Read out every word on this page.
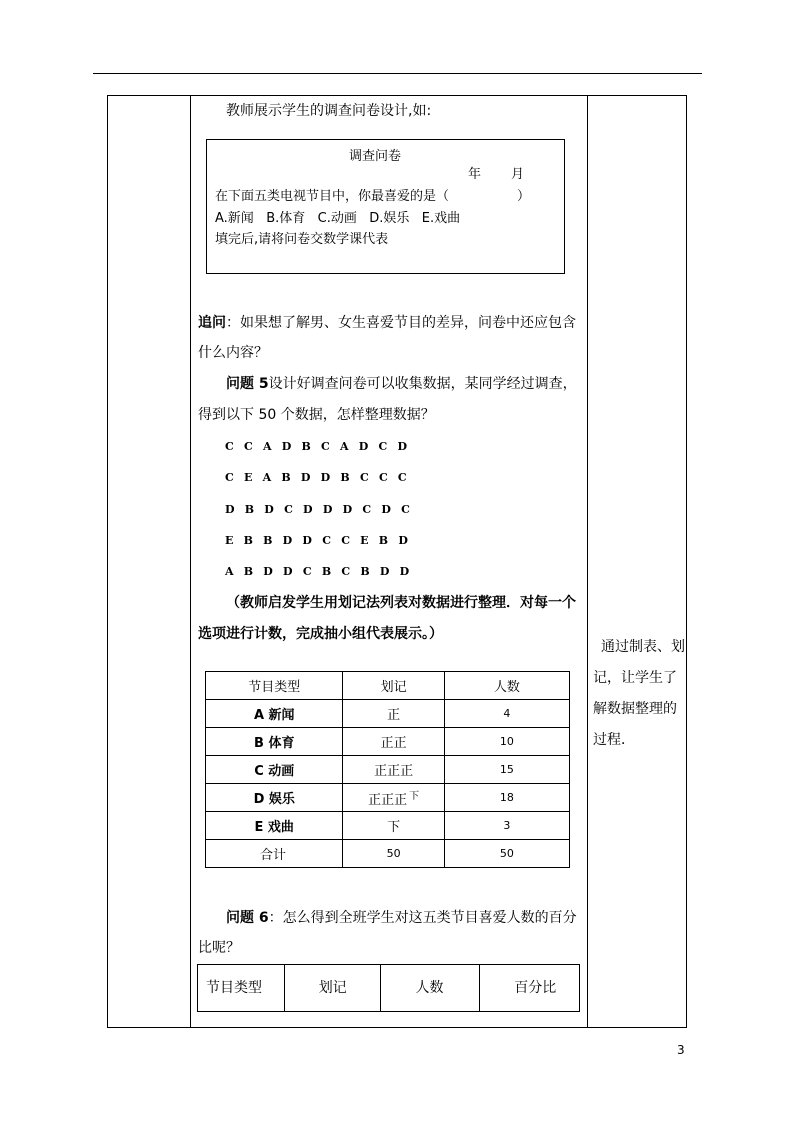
教师展示学生的调查问卷设计,如:
调查问卷
年 月
在下面五类电视节目中，你最喜爱的是（	）
A.新闻   B.体育   C.动画   D.娱乐   E.戏曲
填完后,请将问卷交数学课代表
追问：如果想了解男、女生喜爱节目的差异，问卷中还应包含
什么内容？
问题 5设计好调查问卷可以收集数据，某同学经过调查，
得到以下 50 个数据，怎样整理数据？
C C A D B C A D C D
C E A B D D B C C C
D B D C D D D C D C
E B B D D C C E B D
A B D D C B C B D D
（教师启发学生用划记法列表对数据进行整理．对每一个
选项进行计数，完成抽小组代表展示。）
节目类型	划记	人数
A 新闻	正	4
B 体育	正正	10
C 动画	正正正	15
D 娱乐	正正正 $^下$	18
E 戏曲	下	3
合计	50	50
问题 6：怎么得到全班学生对这五类节目喜爱人数的百分
比呢？
节目类型	划记	人数	百分比
通过制表、划记，让学生了解数据整理的过程．
3
